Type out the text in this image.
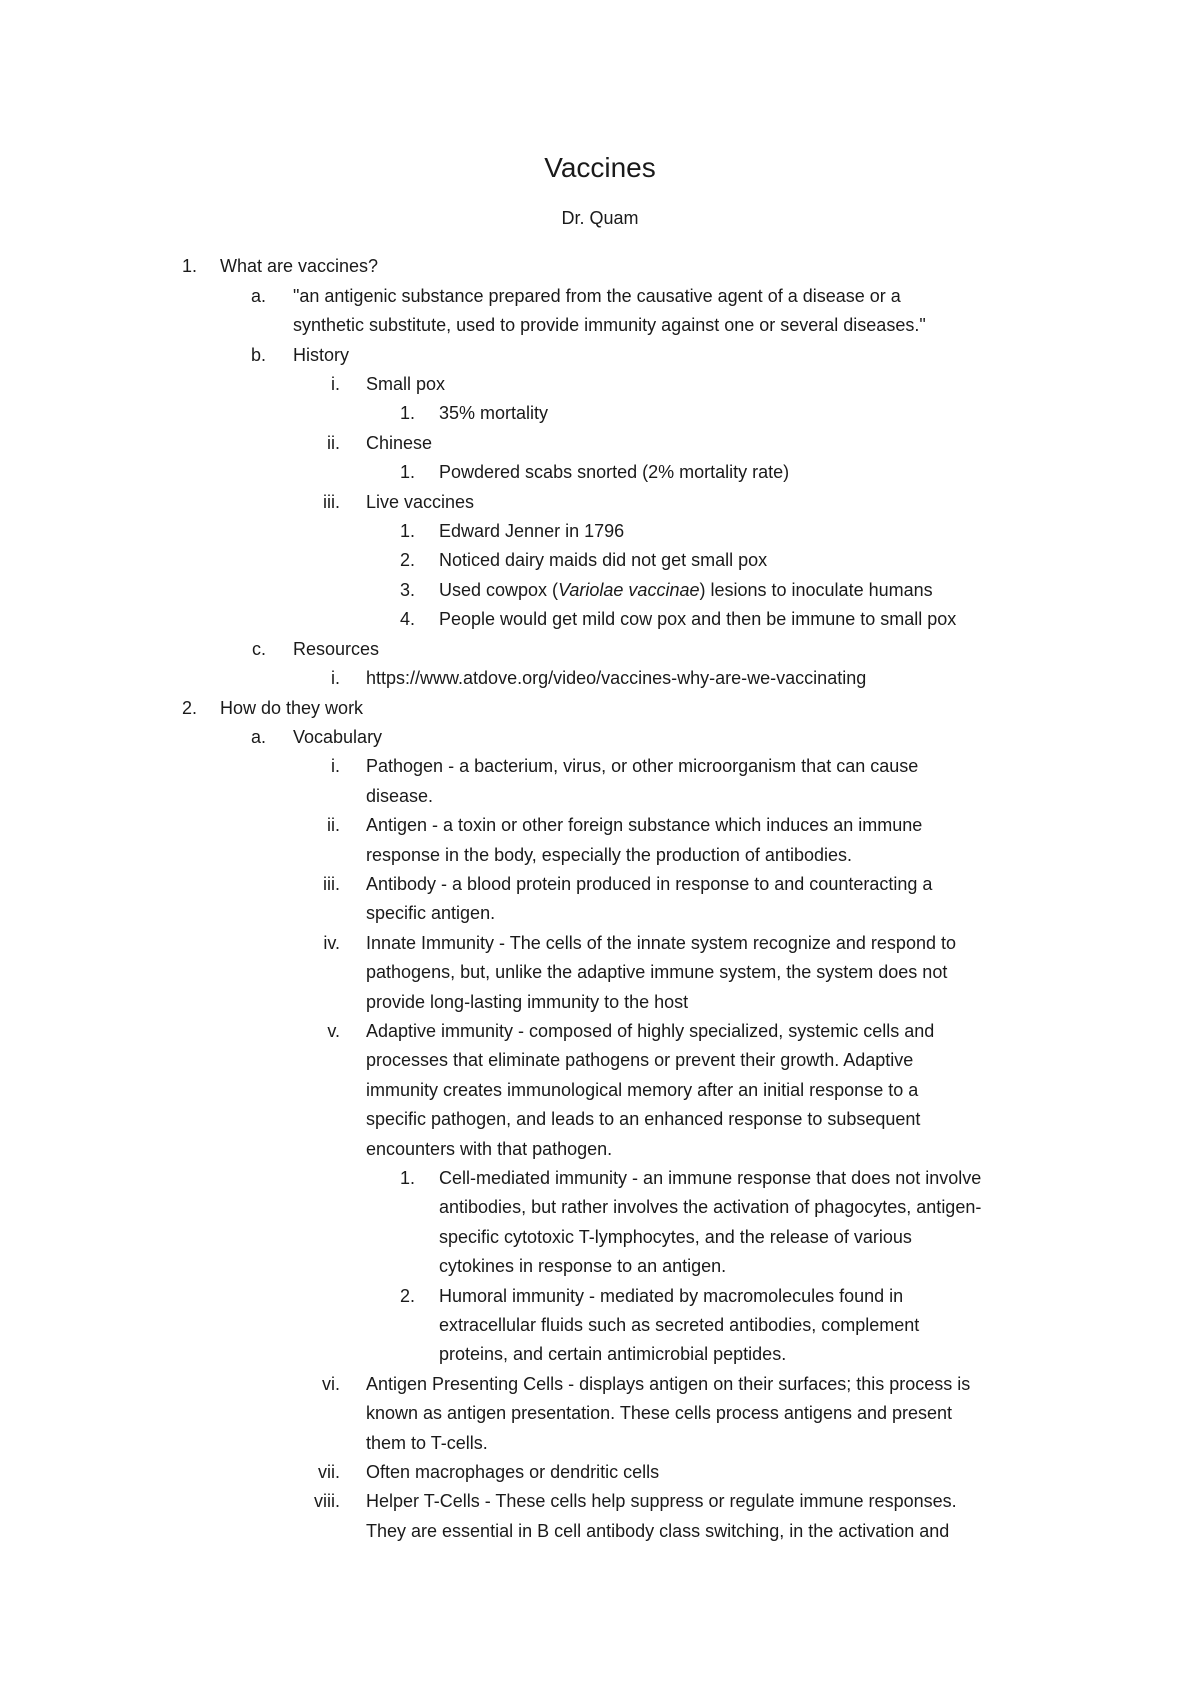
Vaccines
Dr. Quam
1. What are vaccines?
a. "an antigenic substance prepared from the causative agent of a disease or a
synthetic substitute, used to provide immunity against one or several diseases."
b. History
i. Small pox
1. 35% mortality
ii. Chinese
1. Powdered scabs snorted (2% mortality rate)
iii. Live vaccines
1. Edward Jenner in 1796
2. Noticed dairy maids did not get small pox
3. Used cowpox (Variolae vaccinae) lesions to inoculate humans
4. People would get mild cow pox and then be immune to small pox
c. Resources
i. https://www.atdove.org/video/vaccines-why-are-we-vaccinating
2. How do they work
a. Vocabulary
i. Pathogen - a bacterium, virus, or other microorganism that can cause
disease.
ii. Antigen - a toxin or other foreign substance which induces an immune
response in the body, especially the production of antibodies.
iii. Antibody - a blood protein produced in response to and counteracting a
specific antigen.
iv. Innate Immunity - The cells of the innate system recognize and respond to
pathogens, but, unlike the adaptive immune system, the system does not
provide long-lasting immunity to the host
v. Adaptive immunity - composed of highly specialized, systemic cells and
processes that eliminate pathogens or prevent their growth. Adaptive
immunity creates immunological memory after an initial response to a
specific pathogen, and leads to an enhanced response to subsequent
encounters with that pathogen.
1. Cell-mediated immunity - an immune response that does not involve
antibodies, but rather involves the activation of phagocytes, antigen-
specific cytotoxic T-lymphocytes, and the release of various
cytokines in response to an antigen.
2. Humoral immunity - mediated by macromolecules found in
extracellular fluids such as secreted antibodies, complement
proteins, and certain antimicrobial peptides.
vi. Antigen Presenting Cells - displays antigen on their surfaces; this process is
known as antigen presentation. These cells process antigens and present
them to T-cells.
vii. Often macrophages or dendritic cells
viii. Helper T-Cells - These cells help suppress or regulate immune responses.
They are essential in B cell antibody class switching, in the activation and
